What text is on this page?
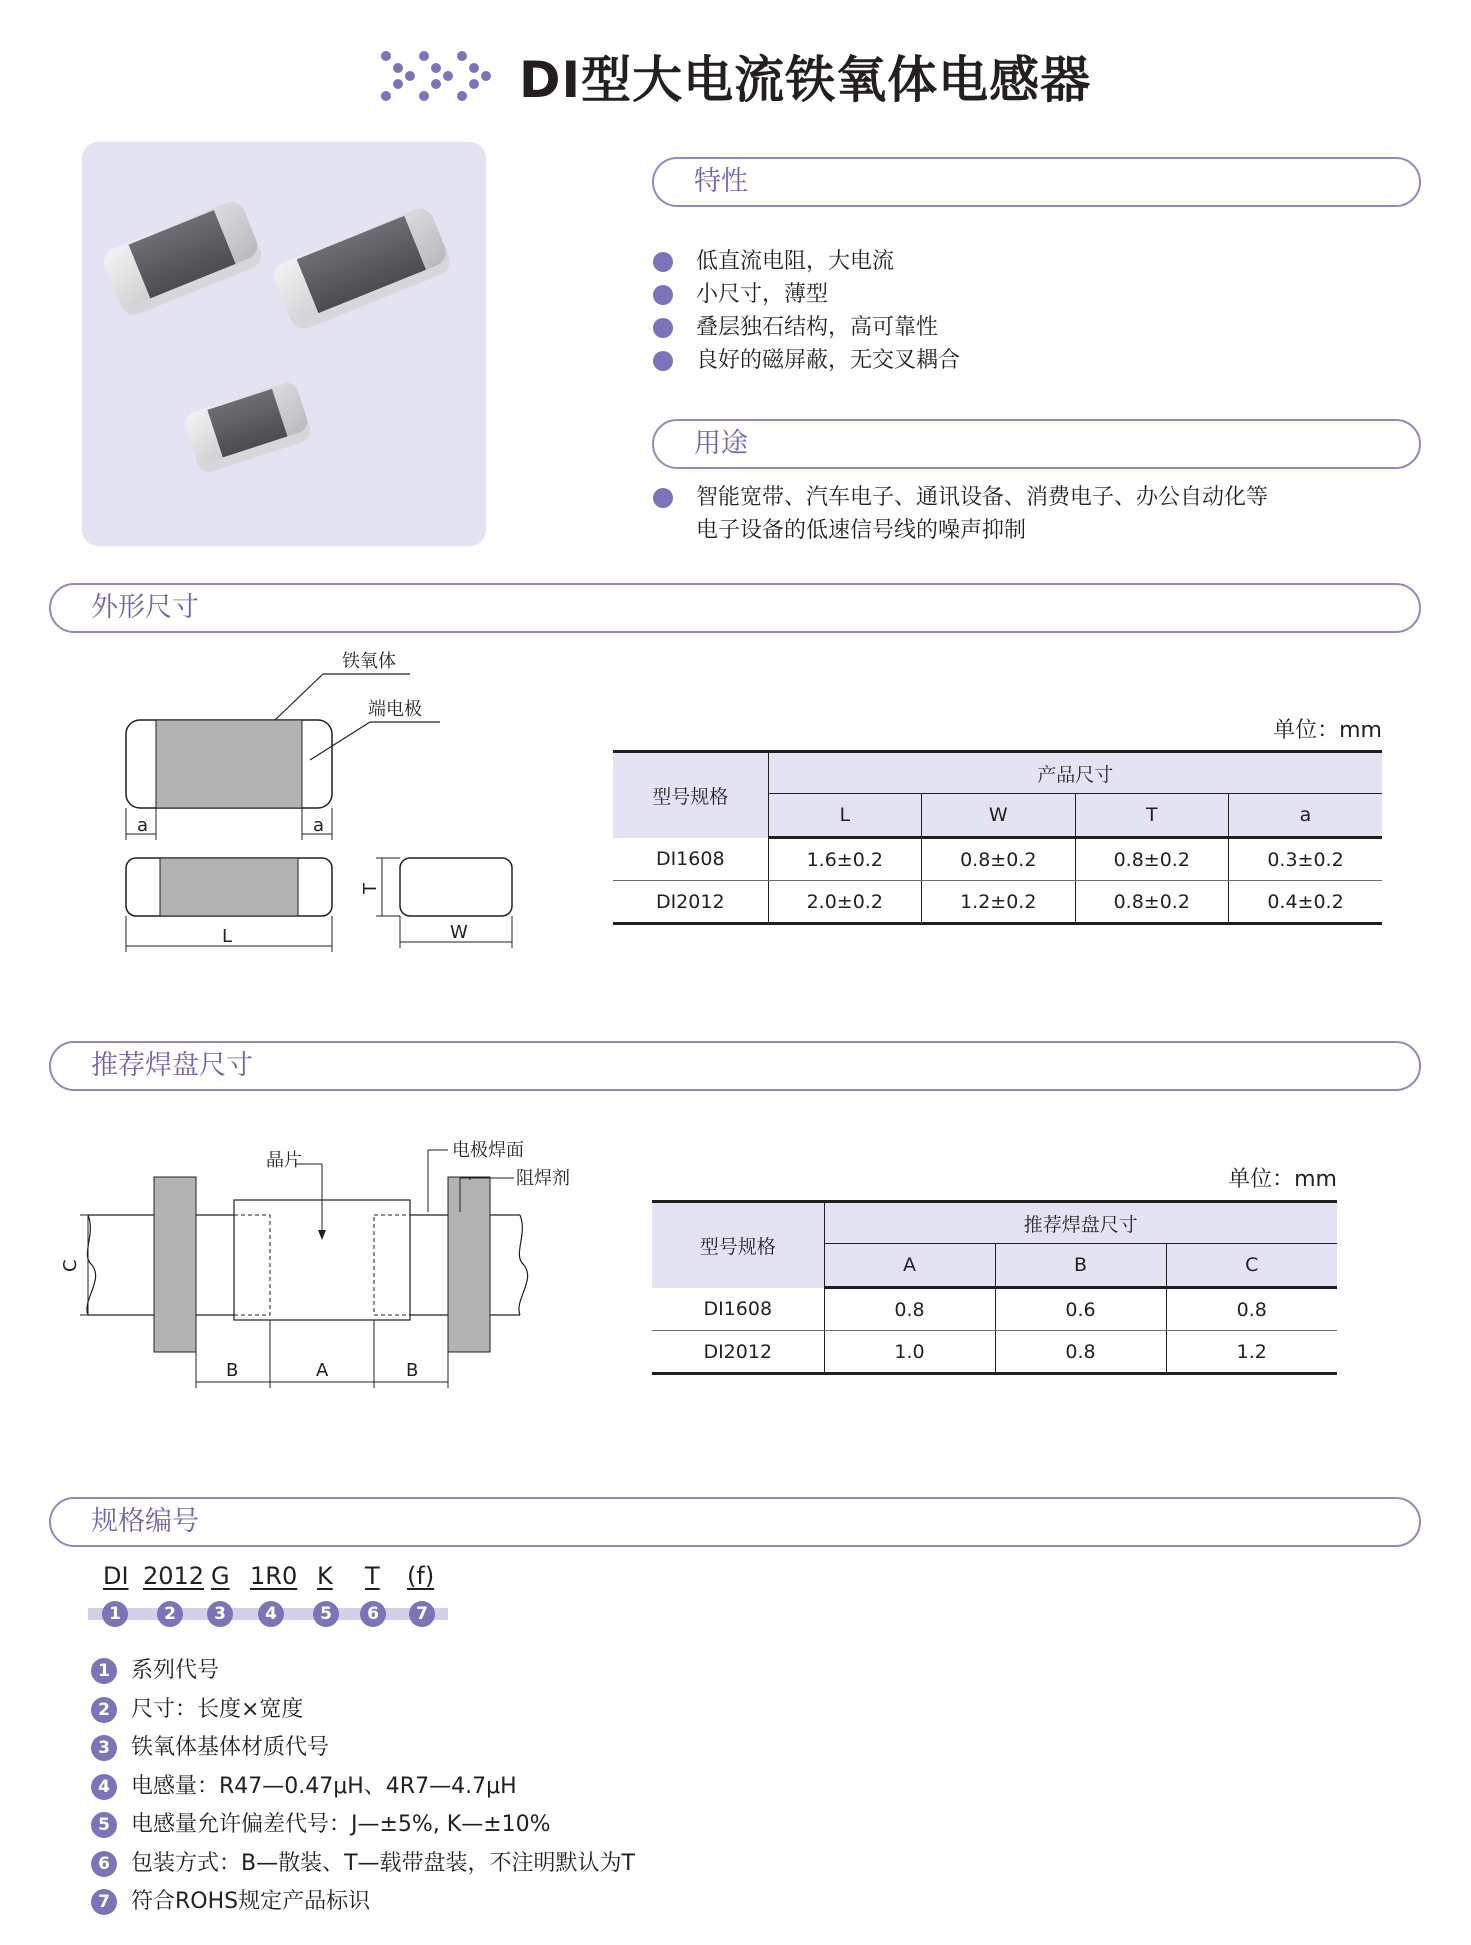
DI型大电流铁氧体电感器
特性
低直流电阻，大电流
小尺寸，薄型
叠层独石结构，高可靠性
良好的磁屏蔽，无交叉耦合
用途
智能宽带、汽车电子、通讯设备、消费电子、办公自动化等
电子设备的低速信号线的噪声抑制
外形尺寸
铁氧体
端电极
a	a
L
T
W
单位：mm
型号规格	产品尺寸			
	L	W	T	a
DI1608	1.6±0.2	0.8±0.2	0.8±0.2	0.3±0.2
DI2012	2.0±0.2	1.2±0.2	0.8±0.2	0.4±0.2
推荐焊盘尺寸
C
B	A	B
晶片	电极焊面
阻焊剂	单位：mm
型号规格	推荐焊盘尺寸		
	A	B	C
DI1608	0.8	0.6	0.8
DI2012	1.0	0.8	1.2
规格编号
DI 2012 G 1R0 K T (f)
1	2	3	4	5	6	7
1 系列代号
2 尺寸：长度×宽度
3 铁氧体基体材质代号
4 电感量：R47—0.47μH、4R7—4.7μH
5 电感量允许偏差代号：J—±5%, K—±10%
6 包装方式：B—散装、T—载带盘装，不注明默认为T
7 符合ROHS规定产品标识
